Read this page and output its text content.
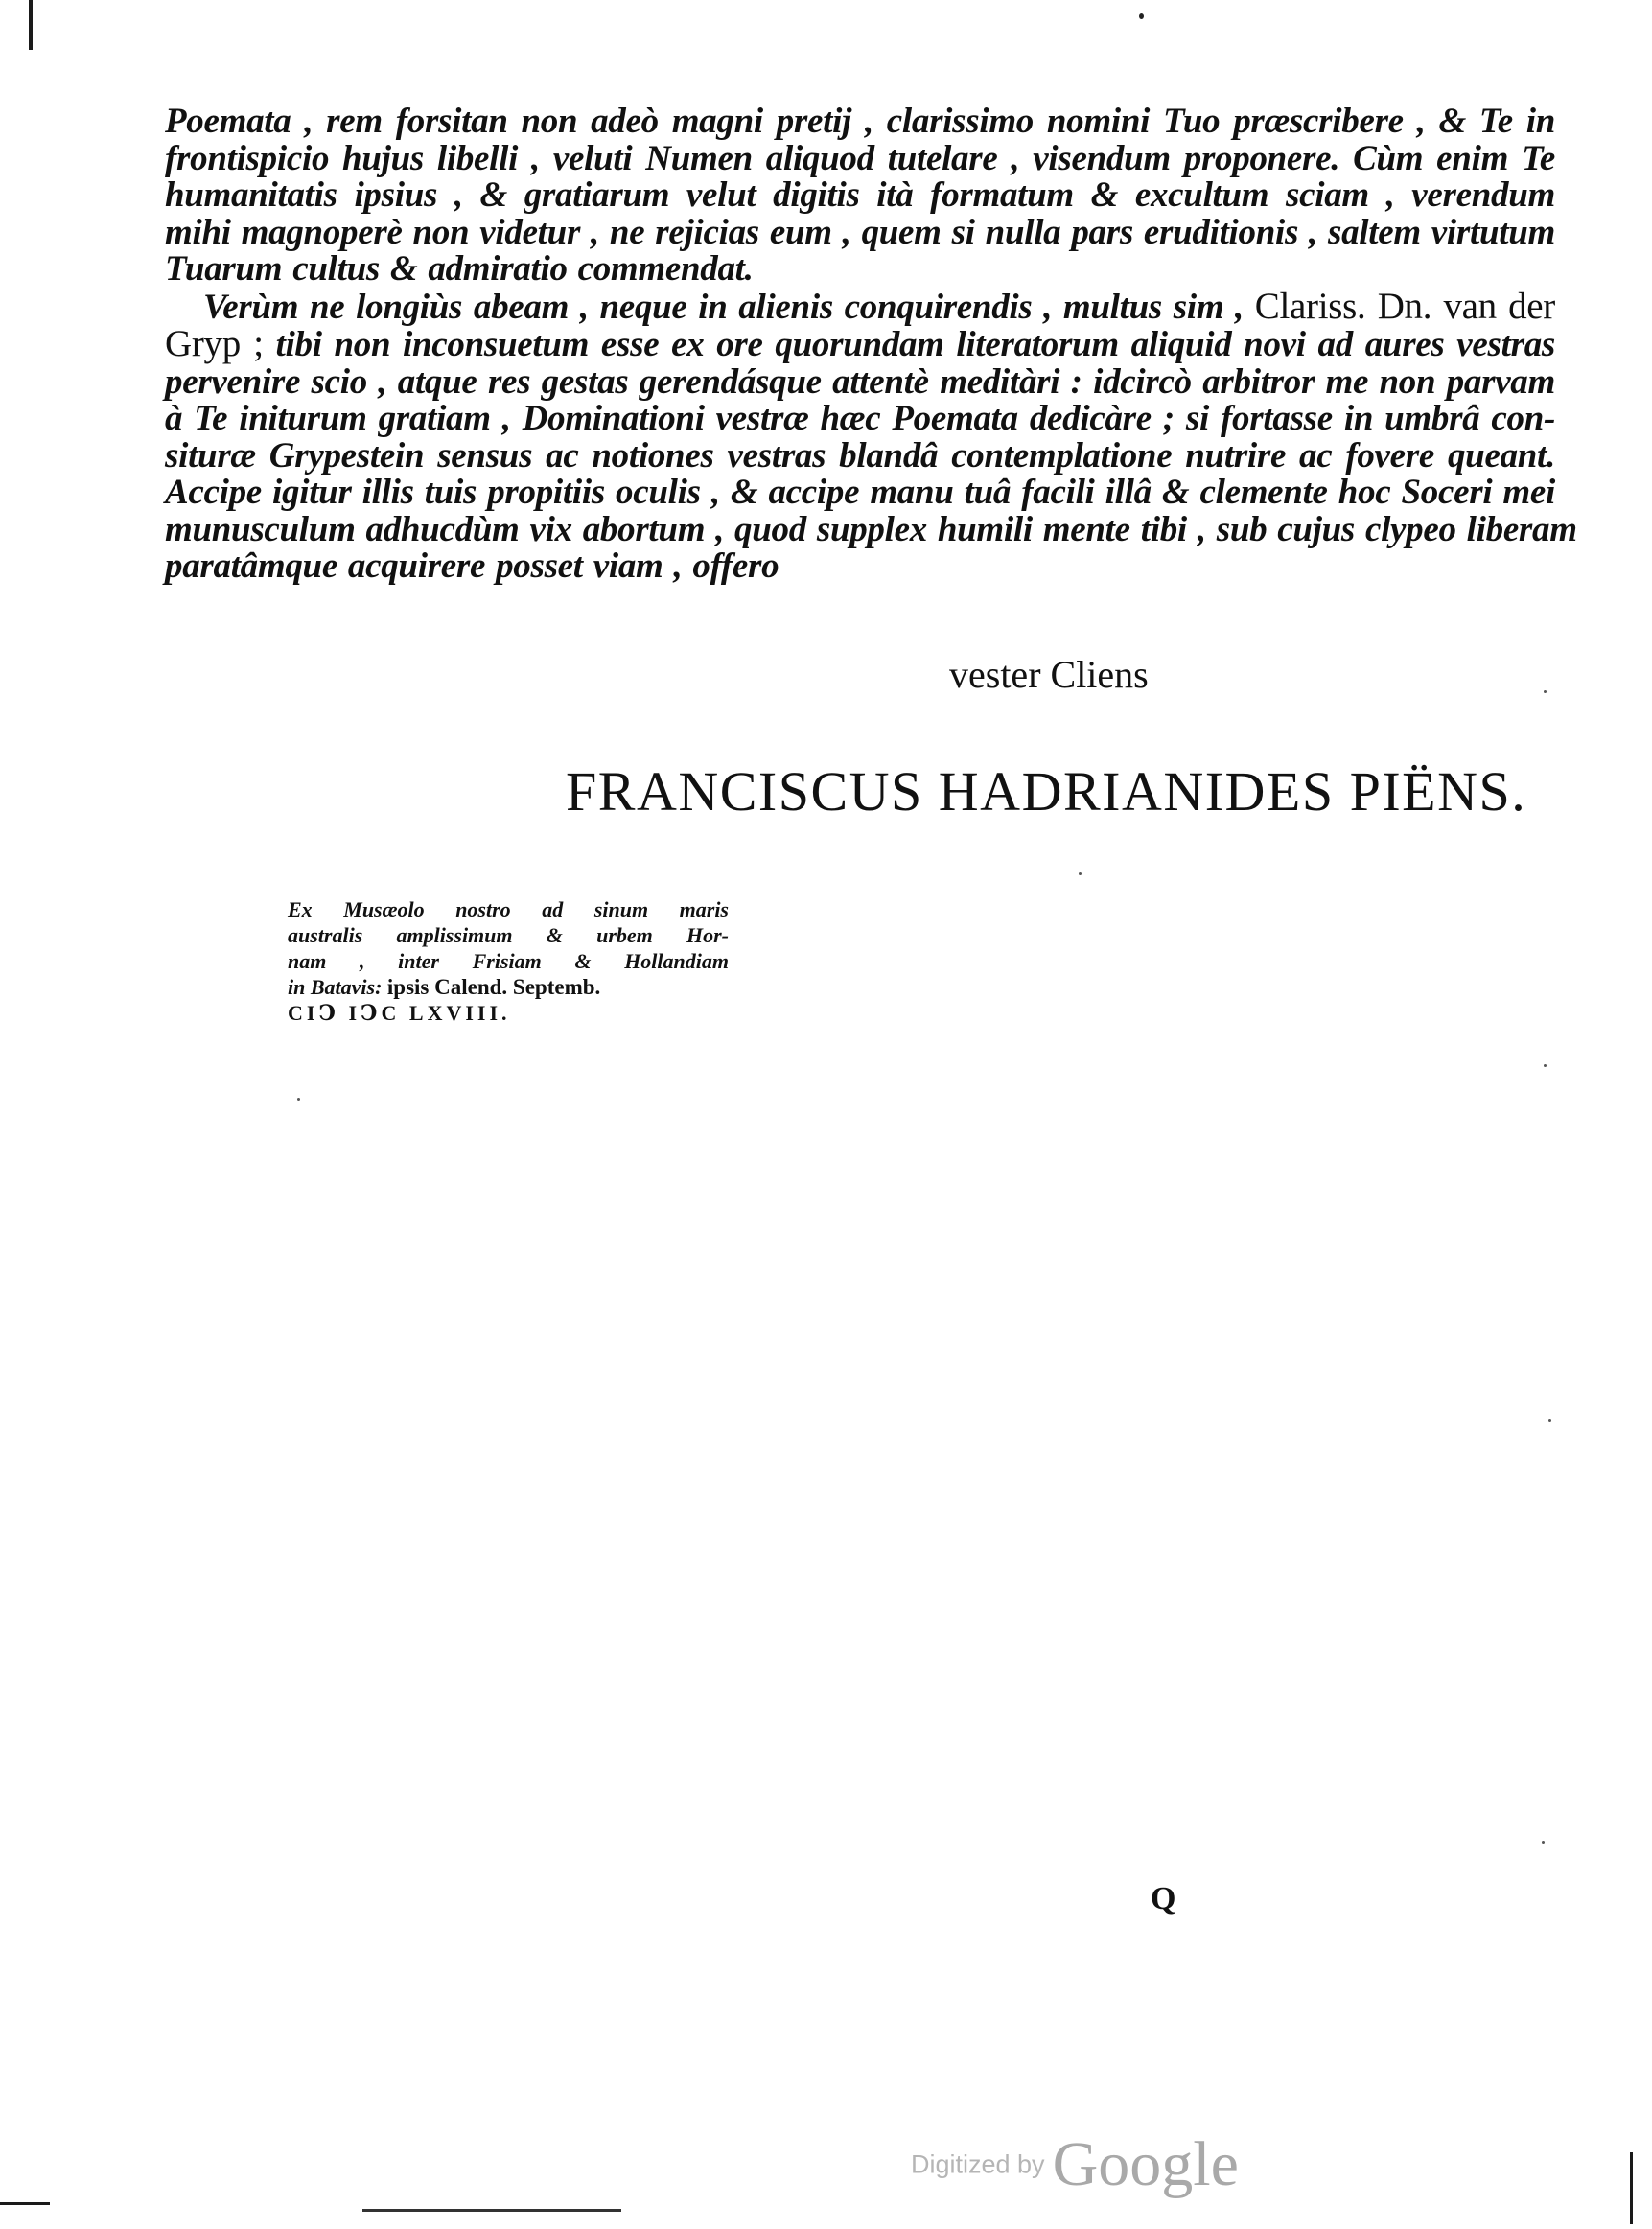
Poemata , rem forsitan non adeò magni pretij , clarissimo nomini Tuo præscribere , & Te in
frontispicio hujus libelli , veluti Numen aliquod tutelare , visendum proponere. Cùm enim Te
humanitatis ipsius , & gratiarum velut digitis ità formatum & excultum sciam , verendum
mihi magnoperè non videtur , ne rejicias eum , quem si nulla pars eruditionis , saltem virtutum
Tuarum cultus & admiratio commendat.
Verùm ne longiùs abeam , neque in alienis conquirendis , multus sim , Clariss. Dn. van der
Gryp ; tibi non inconsuetum esse ex ore quorundam literatorum aliquid novi ad aures vestras
pervenire scio , atque res gestas gerendásque attentè meditàri : idcircò arbitror me non parvam
à Te initurum gratiam , Dominationi vestræ hæc Poemata dedicàre ; si fortasse in umbrâ con-
situræ Grypestein sensus ac notiones vestras blandâ contemplatione nutrire ac fovere queant.
Accipe igitur illis tuis propitiis oculis , & accipe manu tuâ facili illâ & clemente hoc Soceri mei
munusculum adhucdùm vix abortum , quod supplex humili mente tibi , sub cujus clypeo liberam
paratâmque acquirere posset viam , offero
vester Cliens
FRANCISCUS HADRIANIDES PIËNS.
Ex Musæolo nostro ad sinum maris
australis amplissimum & urbem Hor-
nam , inter Frisiam & Hollandiam
in Batavis: ipsis Calend. Septemb.
CIↃ IↃC LXVIII.
Q
Digitized by Google
